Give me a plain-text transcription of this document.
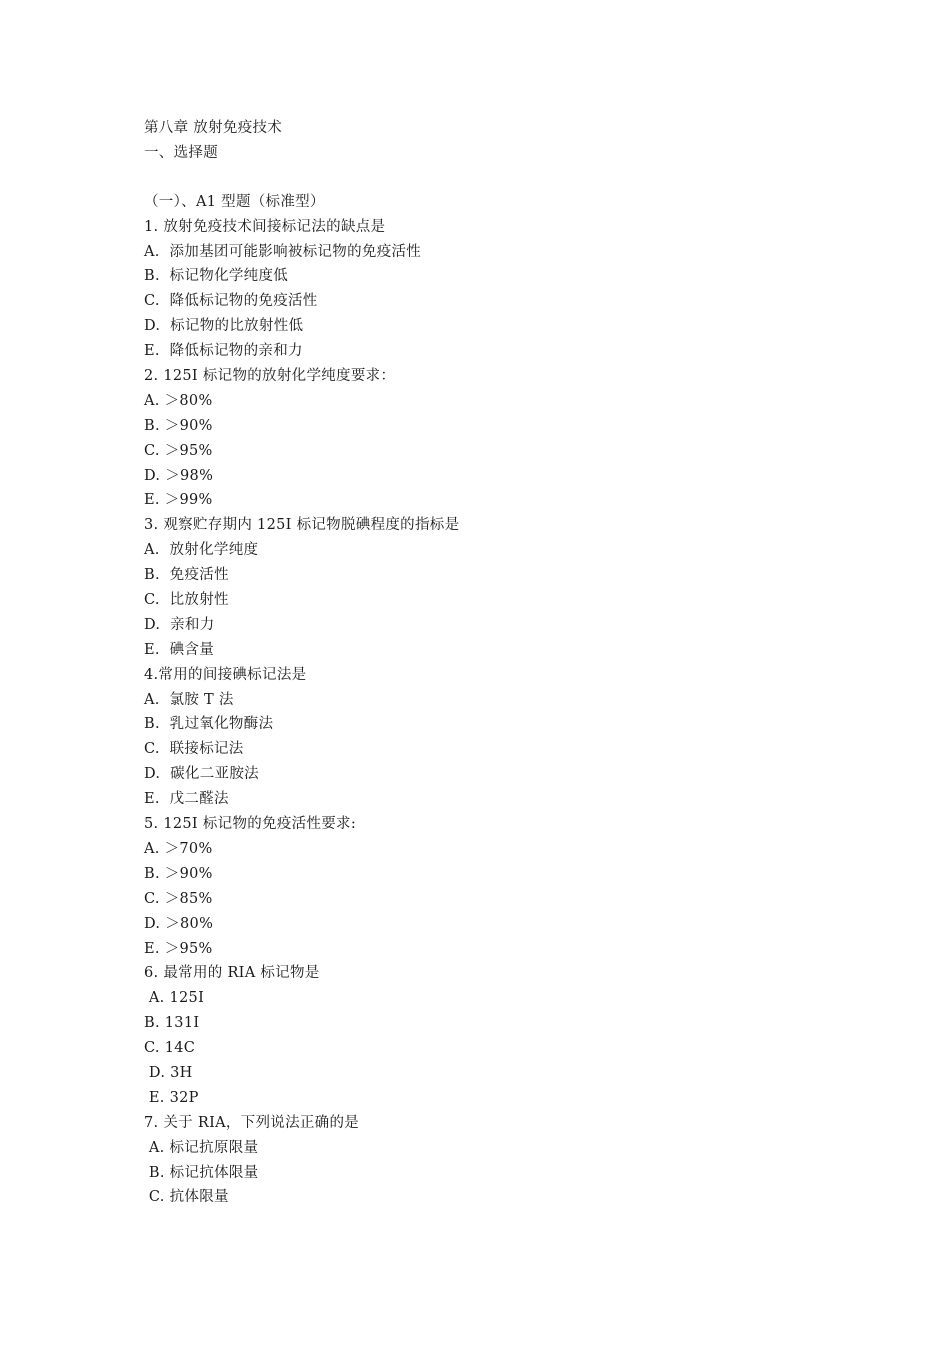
第八章 放射免疫技术
一、选择题
（一）、A1 型题（标准型）
1. 放射免疫技术间接标记法的缺点是
A.  添加基团可能影响被标记物的免疫活性
B.  标记物化学纯度低
C.  降低标记物的免疫活性
D.  标记物的比放射性低
E.  降低标记物的亲和力
2. 125I 标记物的放射化学纯度要求：
A. ＞80%
B. ＞90%
C. ＞95%
D. ＞98%
E. ＞99%
3. 观察贮存期内 125I 标记物脱碘程度的指标是
A.  放射化学纯度
B.  免疫活性
C.  比放射性
D.  亲和力
E.  碘含量
4.常用的间接碘标记法是
A.  氯胺 T 法
B.  乳过氧化物酶法
C.  联接标记法
D.  碳化二亚胺法
E.  戊二醛法
5. 125I 标记物的免疫活性要求:
A. ＞70%
B. ＞90%
C. ＞85%
D. ＞80%
E. ＞95%
6. 最常用的 RIA 标记物是
A. 125I
B. 131I
C. 14C
D. 3H
E. 32P
7. 关于 RIA，下列说法正确的是
A. 标记抗原限量
B. 标记抗体限量
C. 抗体限量
